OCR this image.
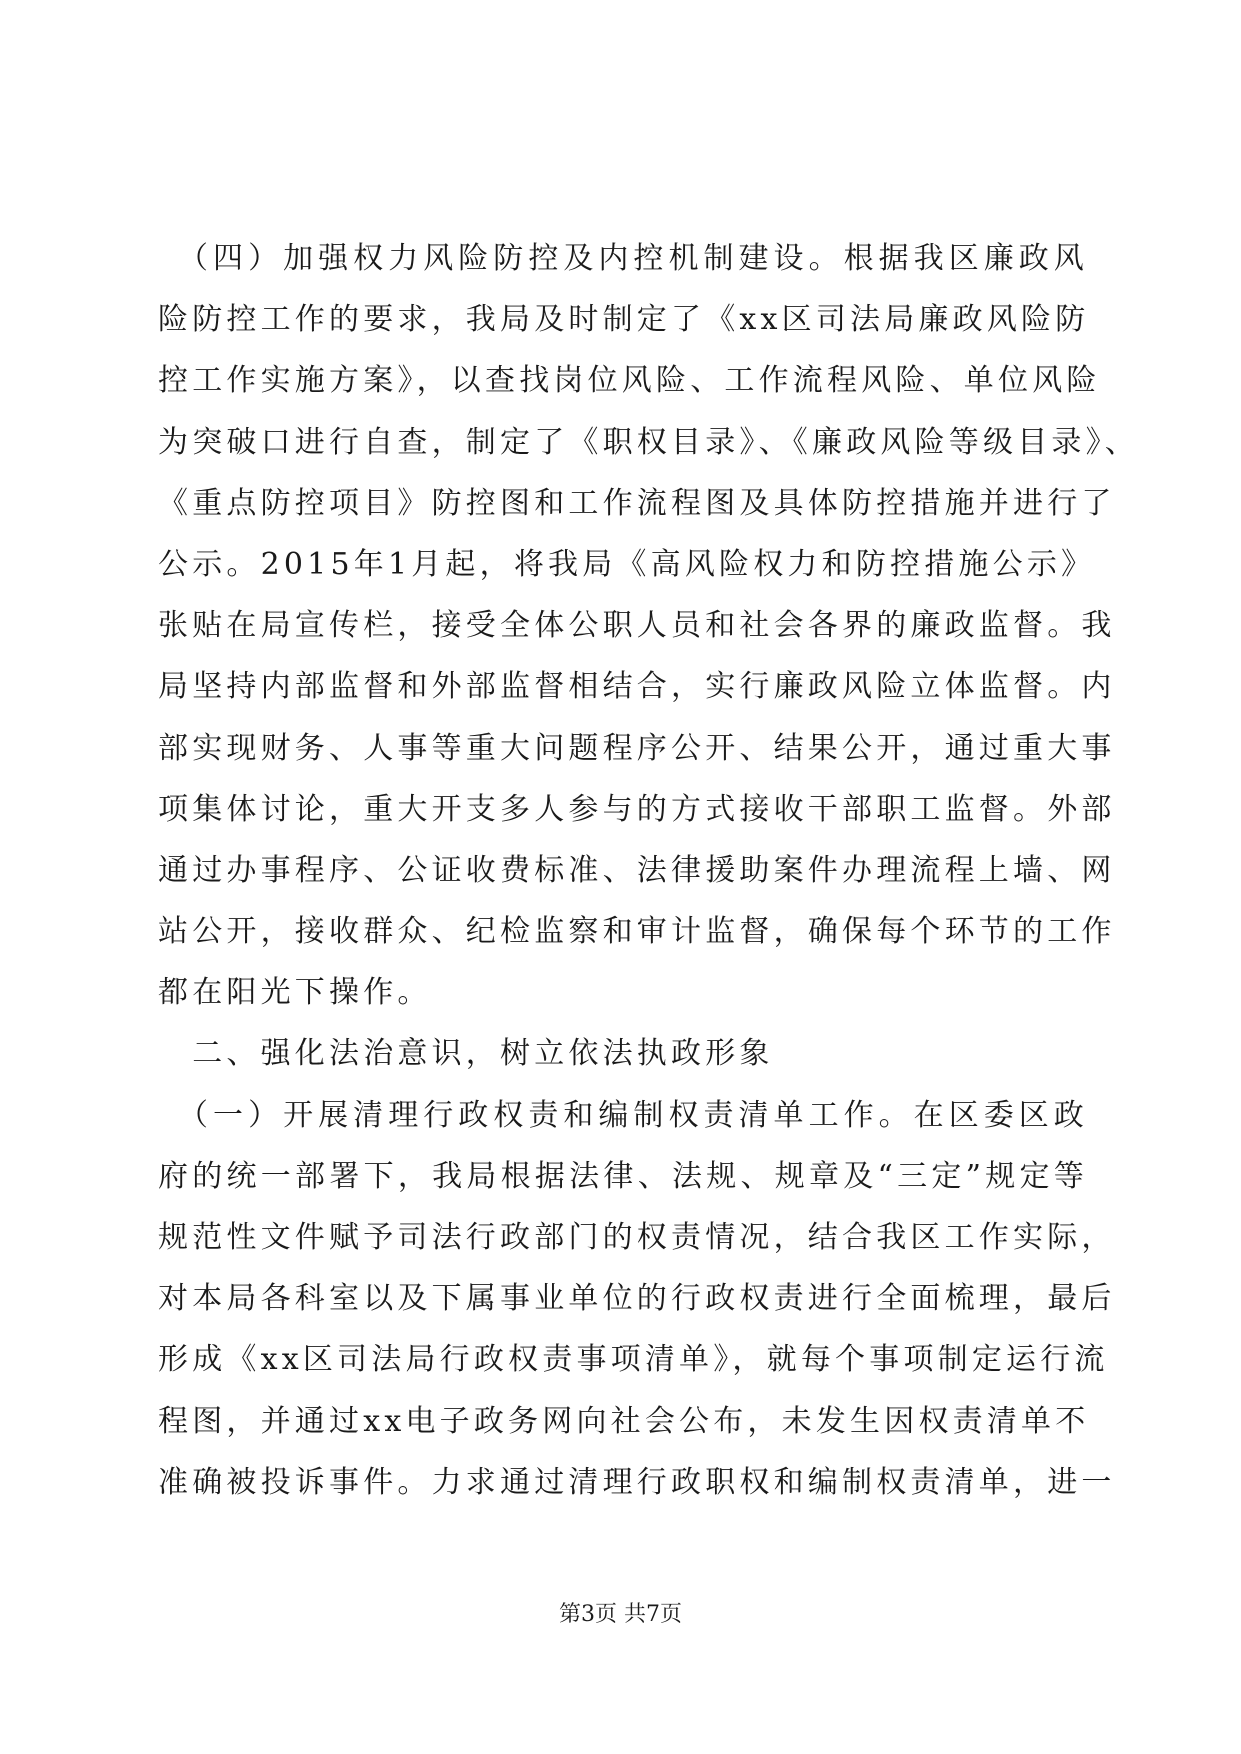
　（四）加强权力风险防控及内控机制建设。根据我区廉政风
险防控工作的要求，我局及时制定了《xx区司法局廉政风险防
控工作实施方案》，以查找岗位风险、工作流程风险、单位风险
为突破口进行自查，制定了《职权目录》、《廉政风险等级目录》、
《重点防控项目》防控图和工作流程图及具体防控措施并进行了
公示。2015年1月起，将我局《高风险权力和防控措施公示》
张贴在局宣传栏，接受全体公职人员和社会各界的廉政监督。我
局坚持内部监督和外部监督相结合，实行廉政风险立体监督。内
部实现财务、人事等重大问题程序公开、结果公开，通过重大事
项集体讨论，重大开支多人参与的方式接收干部职工监督。外部
通过办事程序、公证收费标准、法律援助案件办理流程上墙、网
站公开，接收群众、纪检监察和审计监督，确保每个环节的工作
都在阳光下操作。
　二、强化法治意识，树立依法执政形象
　（一）开展清理行政权责和编制权责清单工作。在区委区政
府的统一部署下，我局根据法律、法规、规章及“三定”规定等
规范性文件赋予司法行政部门的权责情况，结合我区工作实际，
对本局各科室以及下属事业单位的行政权责进行全面梳理，最后
形成《xx区司法局行政权责事项清单》，就每个事项制定运行流
程图，并通过xx电子政务网向社会公布，未发生因权责清单不
准确被投诉事件。力求通过清理行政职权和编制权责清单，进一
第3页 共7页
